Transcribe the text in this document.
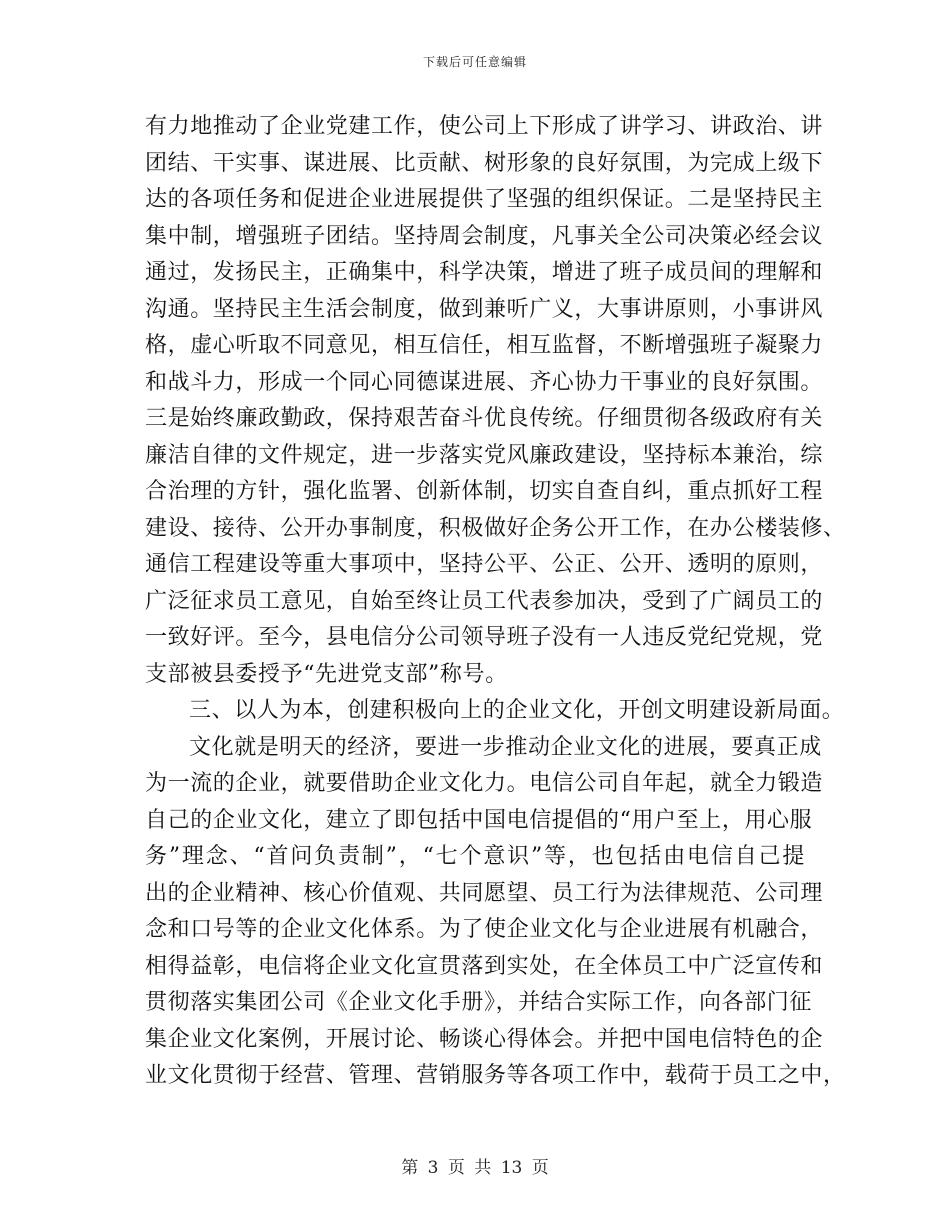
下载后可任意编辑
有力地推动了企业党建工作，使公司上下形成了讲学习、讲政治、讲
团结、干实事、谋进展、比贡献、树形象的良好氛围，为完成上级下
达的各项任务和促进企业进展提供了坚强的组织保证。二是坚持民主
集中制，增强班子团结。坚持周会制度，凡事关全公司决策必经会议
通过，发扬民主，正确集中，科学决策，增进了班子成员间的理解和
沟通。坚持民主生活会制度，做到兼听广义，大事讲原则，小事讲风
格，虚心听取不同意见，相互信任，相互监督，不断增强班子凝聚力
和战斗力，形成一个同心同德谋进展、齐心协力干事业的良好氛围。
三是始终廉政勤政，保持艰苦奋斗优良传统。仔细贯彻各级政府有关
廉洁自律的文件规定，进一步落实党风廉政建设，坚持标本兼治，综
合治理的方针，强化监署、创新体制，切实自查自纠，重点抓好工程
建设、接待、公开办事制度，积极做好企务公开工作，在办公楼装修、
通信工程建设等重大事项中，坚持公平、公正、公开、透明的原则，
广泛征求员工意见，自始至终让员工代表参加决，受到了广阔员工的
一致好评。至今，县电信分公司领导班子没有一人违反党纪党规，党
支部被县委授予“先进党支部”称号。
三、以人为本，创建积极向上的企业文化，开创文明建设新局面。
文化就是明天的经济，要进一步推动企业文化的进展，要真正成
为一流的企业，就要借助企业文化力。电信公司自年起，就全力锻造
自己的企业文化，建立了即包括中国电信提倡的“用户至上，用心服
务”理念、“首问负责制”，“七个意识”等，也包括由电信自己提
出的企业精神、核心价值观、共同愿望、员工行为法律规范、公司理
念和口号等的企业文化体系。为了使企业文化与企业进展有机融合，
相得益彰，电信将企业文化宣贯落到实处，在全体员工中广泛宣传和
贯彻落实集团公司《企业文化手册》，并结合实际工作，向各部门征
集企业文化案例，开展讨论、畅谈心得体会。并把中国电信特色的企
业文化贯彻于经营、管理、营销服务等各项工作中，载荷于员工之中，
第 3 页 共 13 页
